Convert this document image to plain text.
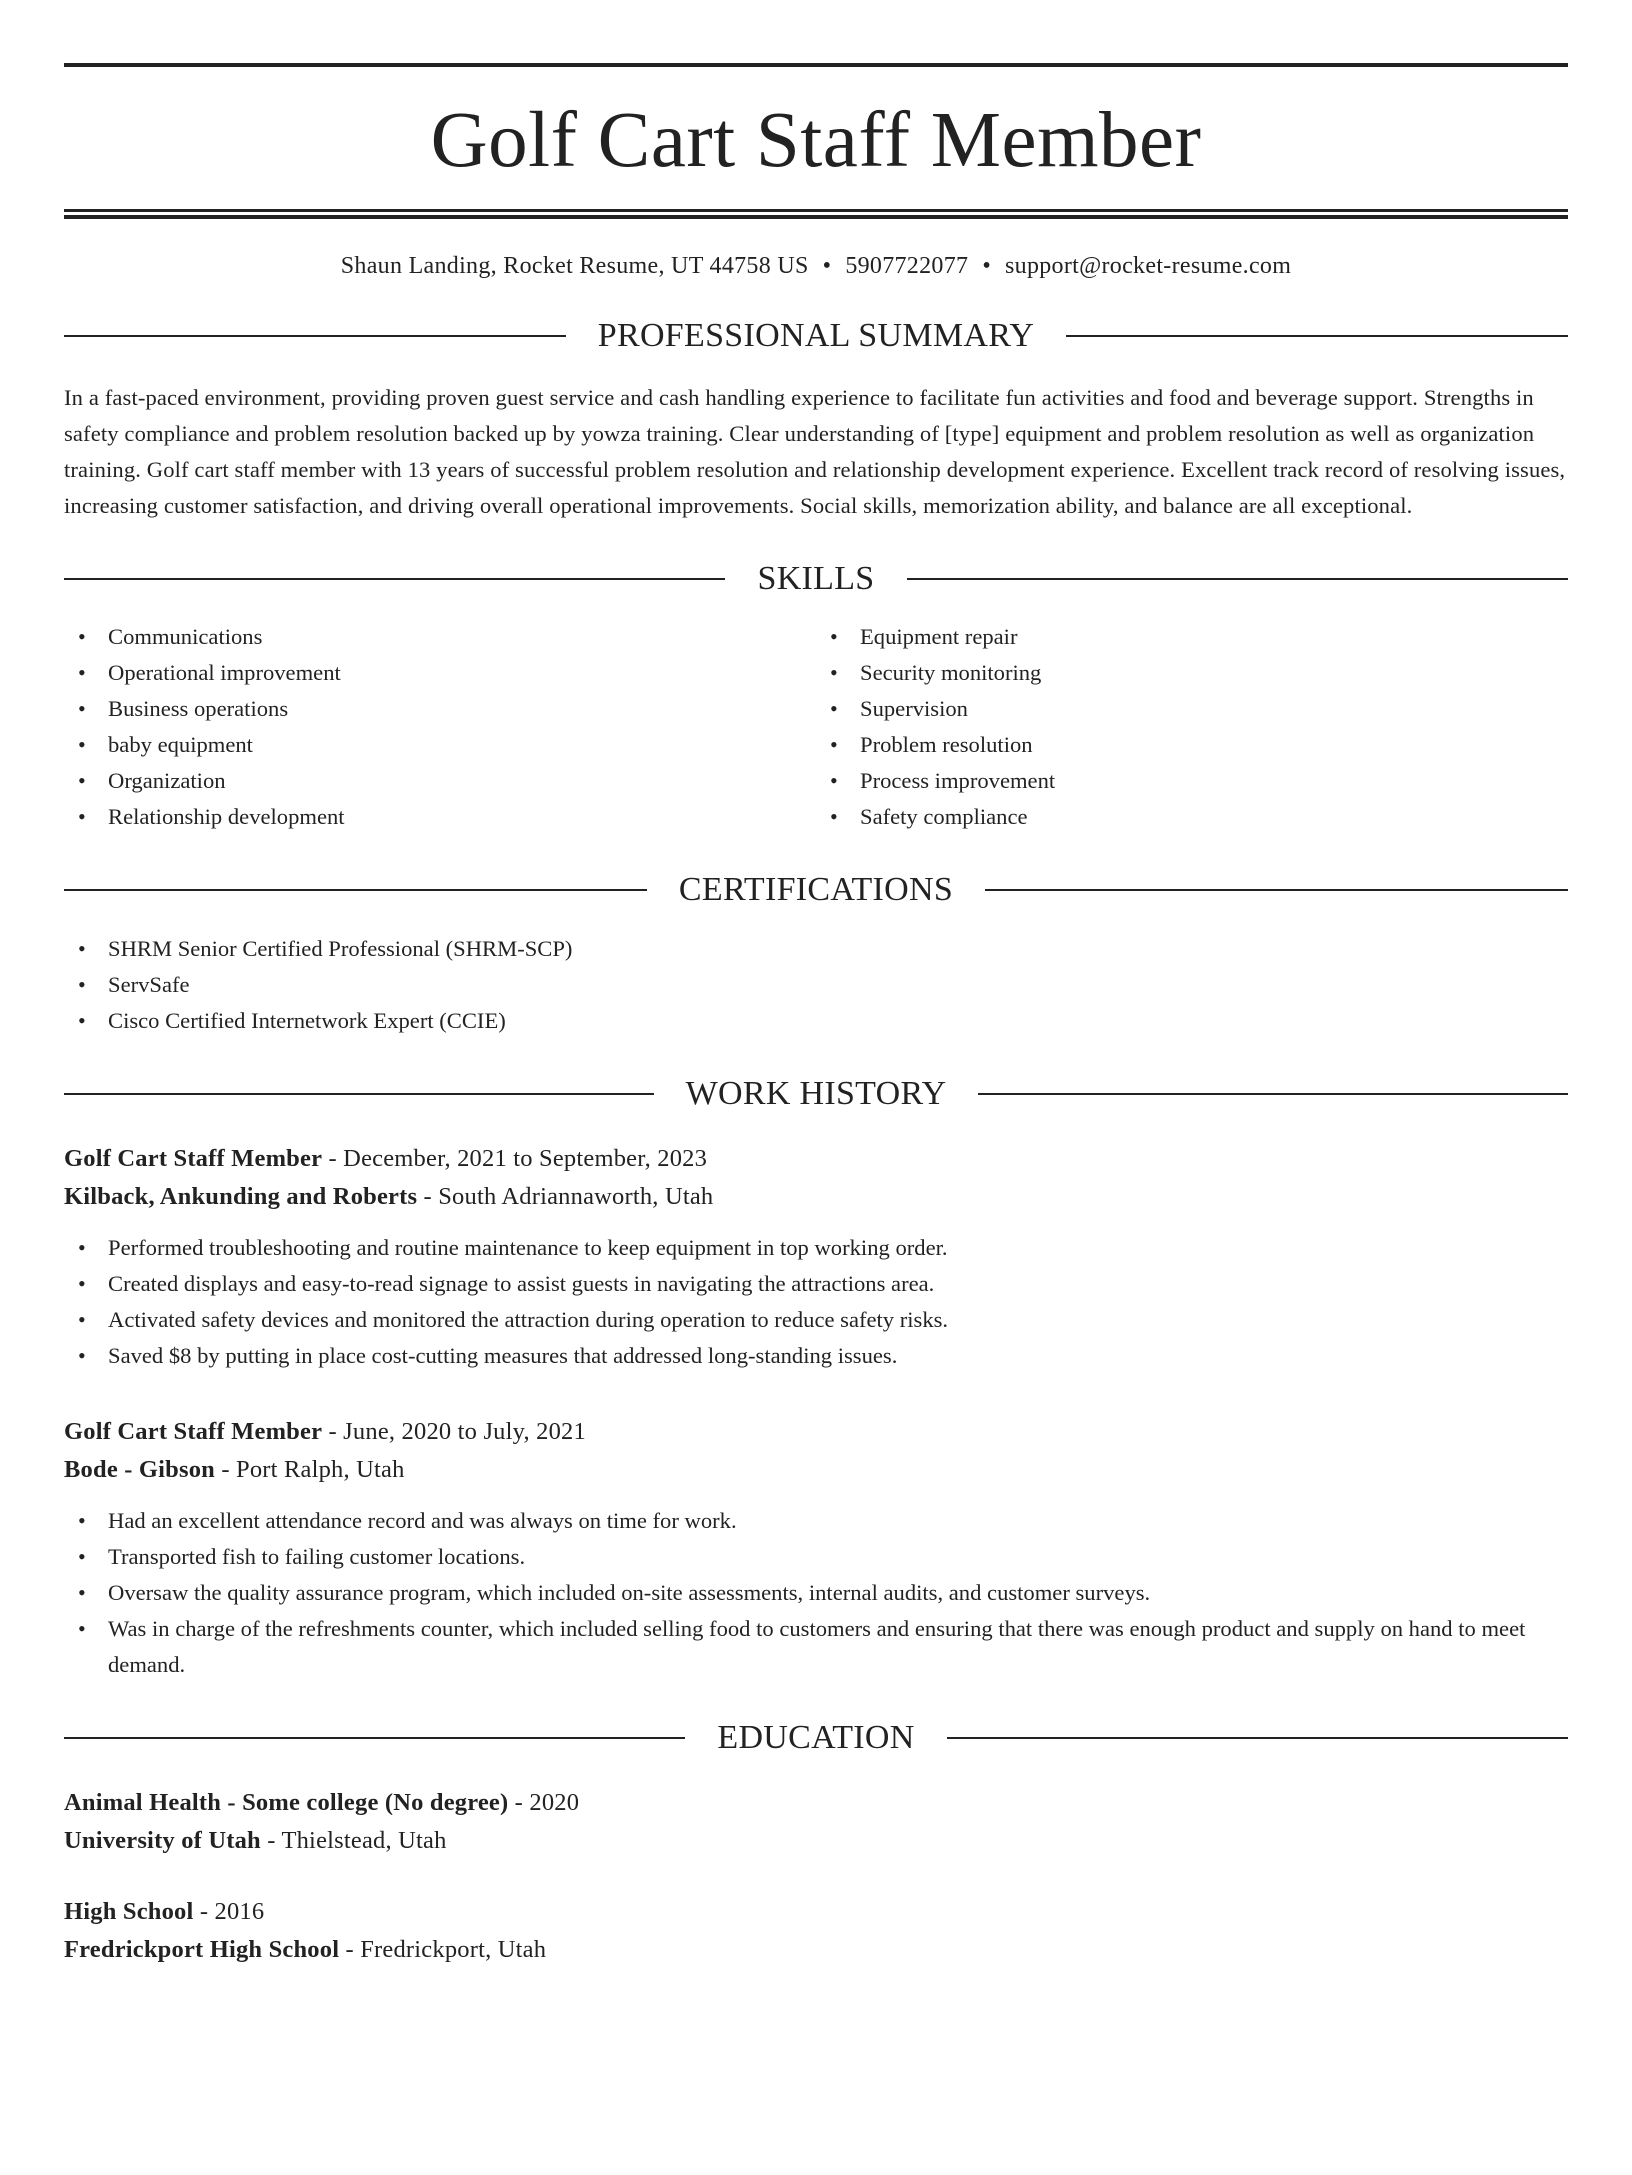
Golf Cart Staff Member
Shaun Landing, Rocket Resume, UT 44758 US • 5907722077 • support@rocket-resume.com
PROFESSIONAL SUMMARY

In a fast-paced environment, providing proven guest service and cash handling experience to facilitate fun activities and food and beverage support. Strengths in safety compliance and problem resolution backed up by yowza training. Clear understanding of [type] equipment and problem resolution as well as organization training. Golf cart staff member with 13 years of successful problem resolution and relationship development experience. Excellent track record of resolving issues, increasing customer satisfaction, and driving overall operational improvements. Social skills, memorization ability, and balance are all exceptional.

SKILLS
• Communications
• Operational improvement
• Business operations
• baby equipment
• Organization
• Relationship development
• Equipment repair
• Security monitoring
• Supervision
• Problem resolution
• Process improvement
• Safety compliance
CERTIFICATIONS
• SHRM Senior Certified Professional (SHRM-SCP)
• ServSafe
• Cisco Certified Internetwork Expert (CCIE)
WORK HISTORY
Golf Cart Staff Member - December, 2021 to September, 2023
Kilback, Ankunding and Roberts - South Adriannaworth, Utah
• Performed troubleshooting and routine maintenance to keep equipment in top working order.
• Created displays and easy-to-read signage to assist guests in navigating the attractions area.
• Activated safety devices and monitored the attraction during operation to reduce safety risks.
• Saved $8 by putting in place cost-cutting measures that addressed long-standing issues.
Golf Cart Staff Member - June, 2020 to July, 2021
Bode - Gibson - Port Ralph, Utah
• Had an excellent attendance record and was always on time for work.
• Transported fish to failing customer locations.
• Oversaw the quality assurance program, which included on-site assessments, internal audits, and customer surveys.
• Was in charge of the refreshments counter, which included selling food to customers and ensuring that there was enough product and supply on hand to meet demand.
EDUCATION
Animal Health - Some college (No degree) - 2020
University of Utah - Thielstead, Utah
High School - 2016
Fredrickport High School - Fredrickport, Utah
